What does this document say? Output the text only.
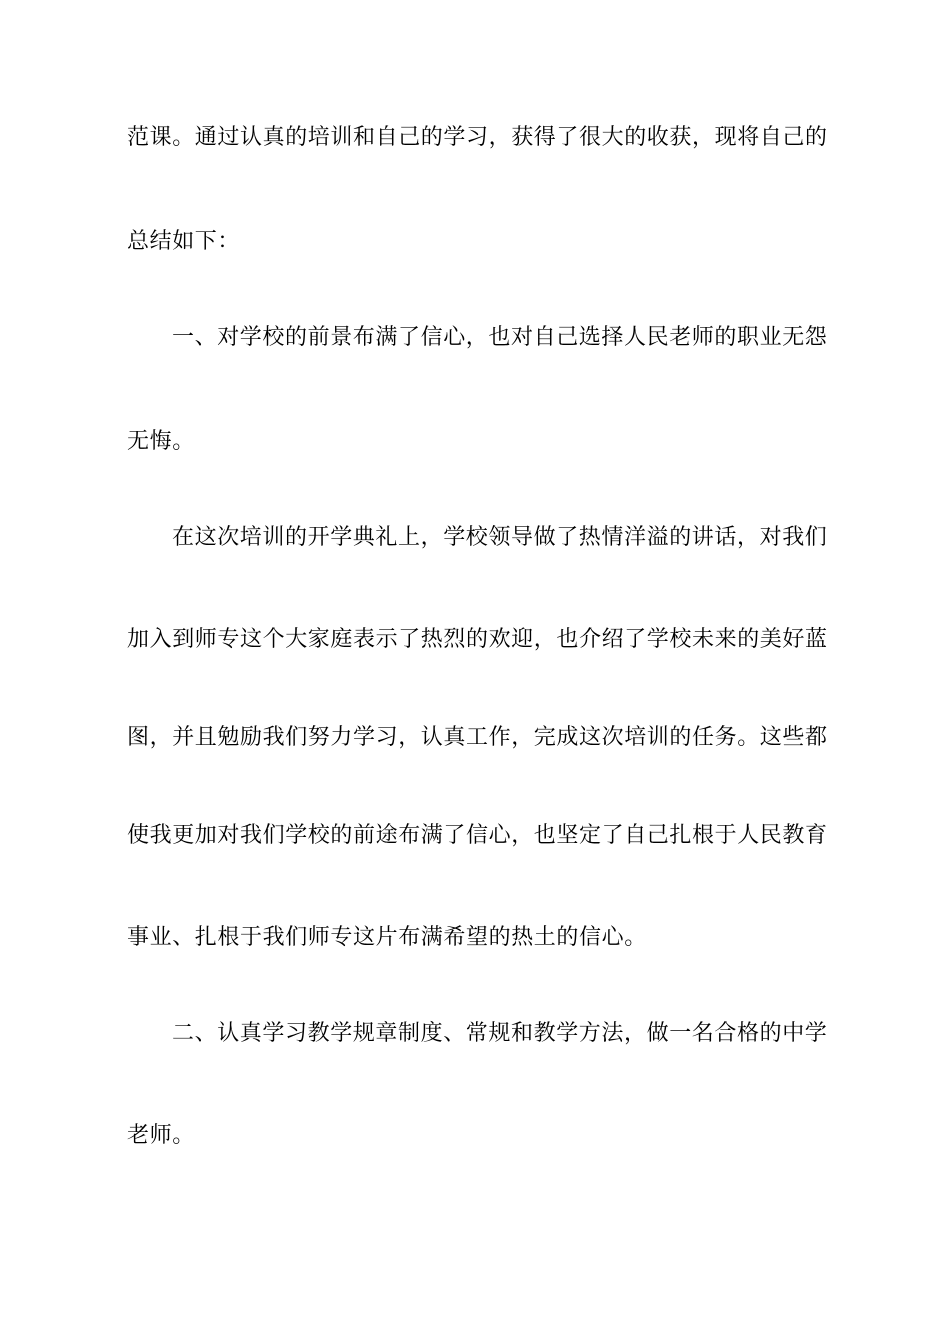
范课。通过认真的培训和自己的学习，获得了很大的收获，现将自己的
总结如下：
一、对学校的前景布满了信心，也对自己选择人民老师的职业无怨
无悔。
在这次培训的开学典礼上，学校领导做了热情洋溢的讲话，对我们
加入到师专这个大家庭表示了热烈的欢迎，也介绍了学校未来的美好蓝
图，并且勉励我们努力学习，认真工作，完成这次培训的任务。这些都
使我更加对我们学校的前途布满了信心，也坚定了自己扎根于人民教育
事业、扎根于我们师专这片布满希望的热土的信心。
二、认真学习教学规章制度、常规和教学方法，做一名合格的中学
老师。
